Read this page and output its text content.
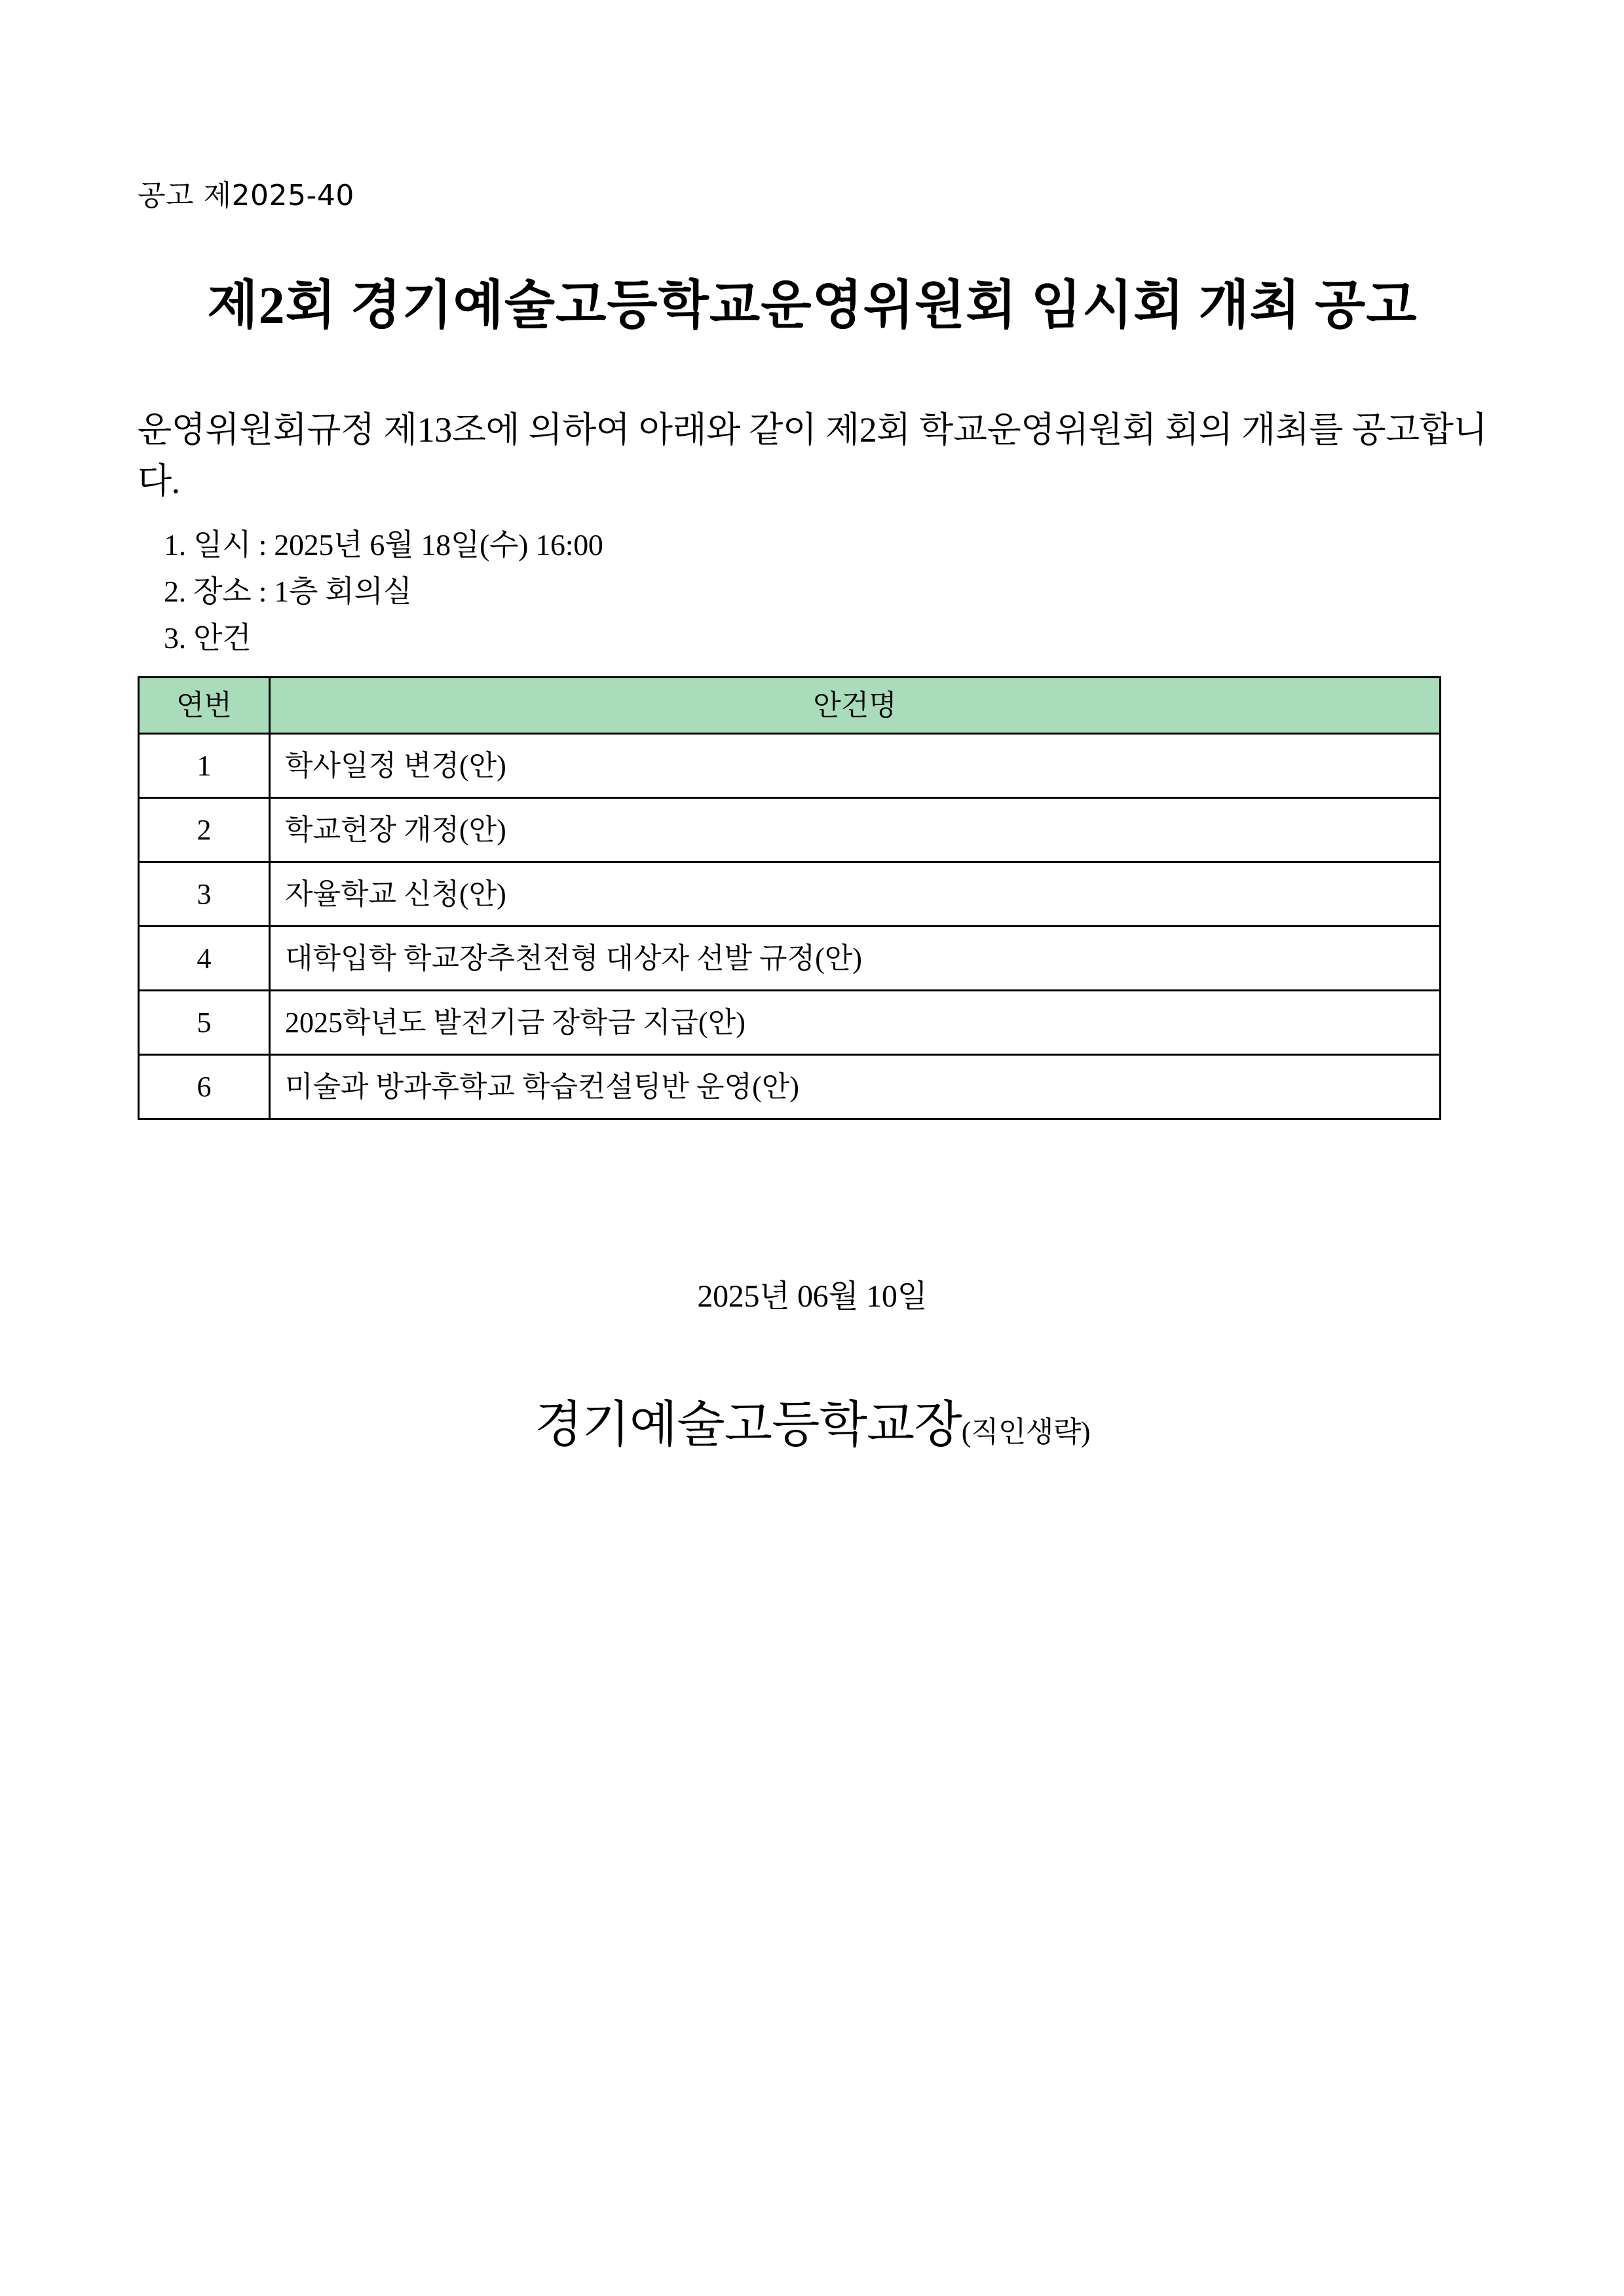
공고 제2025-40
제2회 경기예술고등학교운영위원회 임시회 개최 공고

운영위원회규정 제13조에 의하여 아래와 같이 제2회 학교운영위원회 회의 개최를 공고합니다.

1. 일시 : 2025년 6월 18일(수) 16:00
2. 장소 : 1층 회의실
3. 안건
연번	안건명
1	학사일정 변경(안)
2	학교헌장 개정(안)
3	자율학교 신청(안)
4	대학입학 학교장추천전형 대상자 선발 규정(안)
5	2025학년도 발전기금 장학금 지급(안)
6	미술과 방과후학교 학습컨설팅반 운영(안)
2025년 06월 10일
경기예술고등학교장(직인생략)
